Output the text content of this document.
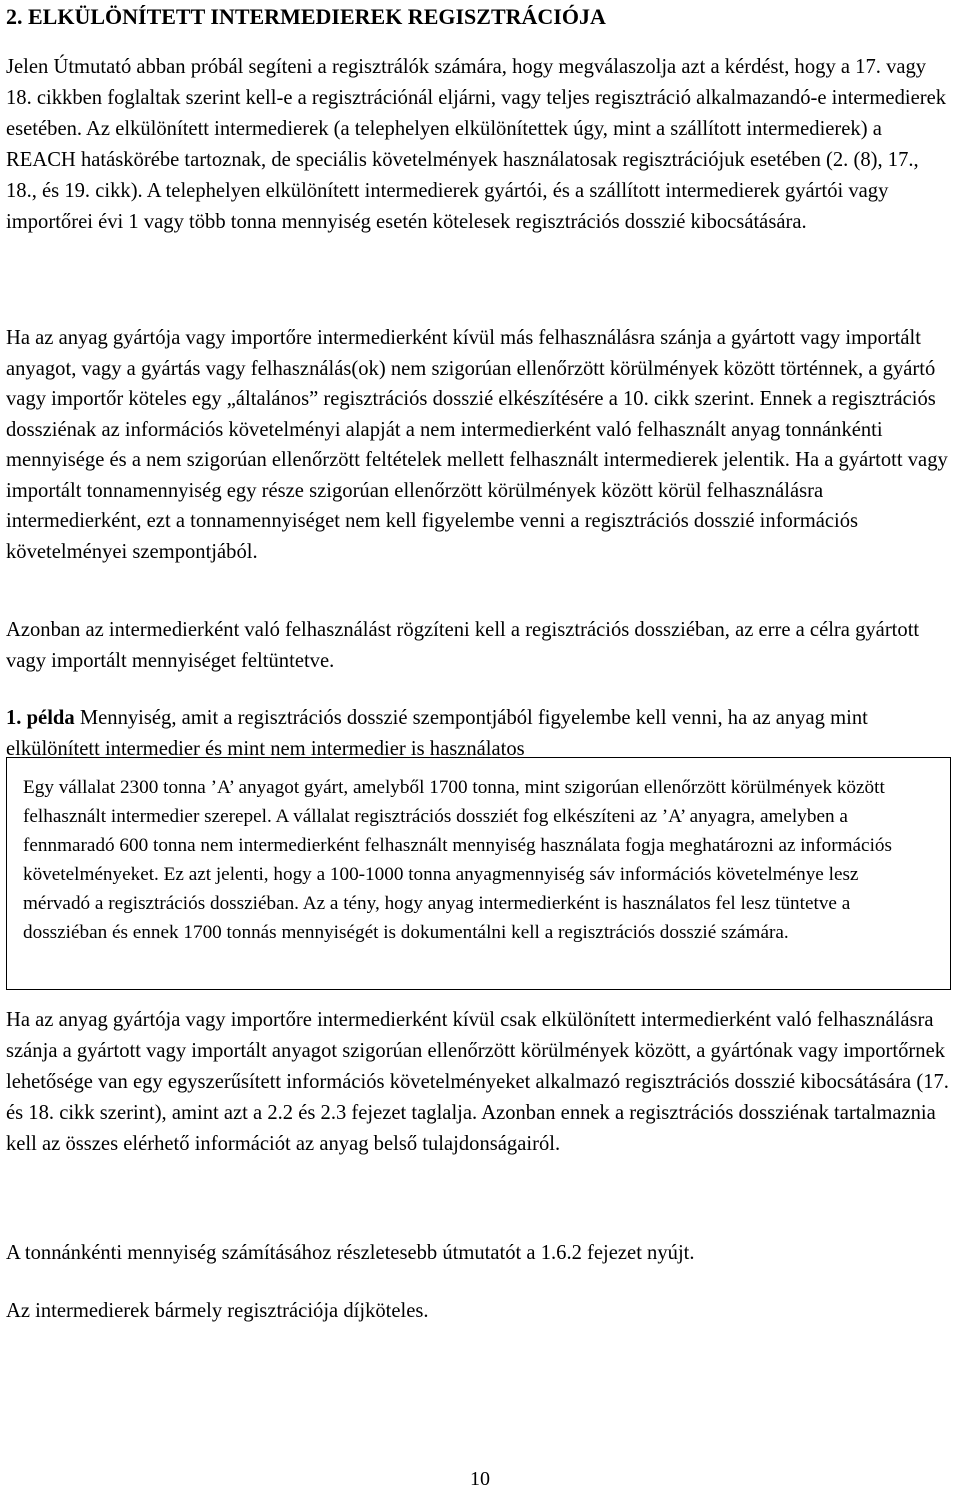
2. ELKÜLÖNÍTETT INTERMEDIEREK REGISZTRÁCIÓJA

Jelen Útmutató abban próbál segíteni a regisztrálók számára, hogy megválaszolja azt a kérdést, hogy a 17. vagy 18. cikkben foglaltak szerint kell-e a regisztrációnál eljárni, vagy teljes regisztráció alkalmazandó-e intermedierek esetében. Az elkülönített intermedierek (a telephelyen elkülönítettek úgy, mint a szállított intermedierek) a REACH hatáskörébe tartoznak, de speciális követelmények használatosak regisztrációjuk esetében (2. (8), 17., 18., és 19. cikk). A telephelyen elkülönített intermedierek gyártói, és a szállított intermedierek gyártói vagy importőrei évi 1 vagy több tonna mennyiség esetén kötelesek regisztrációs dosszié kibocsátására.

Ha az anyag gyártója vagy importőre intermedierként kívül más felhasználásra szánja a gyártott vagy importált anyagot, vagy a gyártás vagy felhasználás(ok) nem szigorúan ellenőrzött körülmények között történnek, a gyártó vagy importőr köteles egy „általános” regisztrációs dosszié elkészítésére a 10. cikk szerint. Ennek a regisztrációs dossziénak az információs követelményi alapját a nem intermedierként való felhasznált anyag tonnánkénti mennyisége és a nem szigorúan ellenőrzött feltételek mellett felhasznált intermedierek jelentik. Ha a gyártott vagy importált tonnamennyiség egy része szigorúan ellenőrzött körülmények között körül felhasználásra intermedierként, ezt a tonnamennyiséget nem kell figyelembe venni a regisztrációs dosszié információs követelményei szempontjából.

Azonban az intermedierként való felhasználást rögzíteni kell a regisztrációs dossziéban, az erre a célra gyártott vagy importált mennyiséget feltüntetve.

1. példa Mennyiség, amit a regisztrációs dosszié szempontjából figyelembe kell venni, ha az anyag mint elkülönített intermedier és mint nem intermedier is használatos

Egy vállalat 2300 tonna ’A’ anyagot gyárt, amelyből 1700 tonna, mint szigorúan ellenőrzött körülmények között felhasznált intermedier szerepel. A vállalat regisztrációs dossziét fog elkészíteni az ’A’ anyagra, amelyben a fennmaradó 600 tonna nem intermedierként felhasznált mennyiség használata fogja meghatározni az információs követelményeket. Ez azt jelenti, hogy a 100-1000 tonna anyagmennyiség sáv információs követelménye lesz mérvadó a regisztrációs dossziéban. Az a tény, hogy anyag intermedierként is használatos fel lesz tüntetve a dossziéban és ennek 1700 tonnás mennyiségét is dokumentálni kell a regisztrációs dosszié számára.

Ha az anyag gyártója vagy importőre intermedierként kívül csak elkülönített intermedierként való felhasználásra szánja a gyártott vagy importált anyagot szigorúan ellenőrzött körülmények között, a gyártónak vagy importőrnek lehetősége van egy egyszerűsített információs követelményeket alkalmazó regisztrációs dosszié kibocsátására (17. és 18. cikk szerint), amint azt a 2.2 és 2.3 fejezet taglalja. Azonban ennek a regisztrációs dossziénak tartalmaznia kell az összes elérhető információt az anyag belső tulajdonságairól.

A tonnánkénti mennyiség számításához részletesebb útmutatót a 1.6.2 fejezet nyújt.

Az intermedierek bármely regisztrációja díjköteles.

10
